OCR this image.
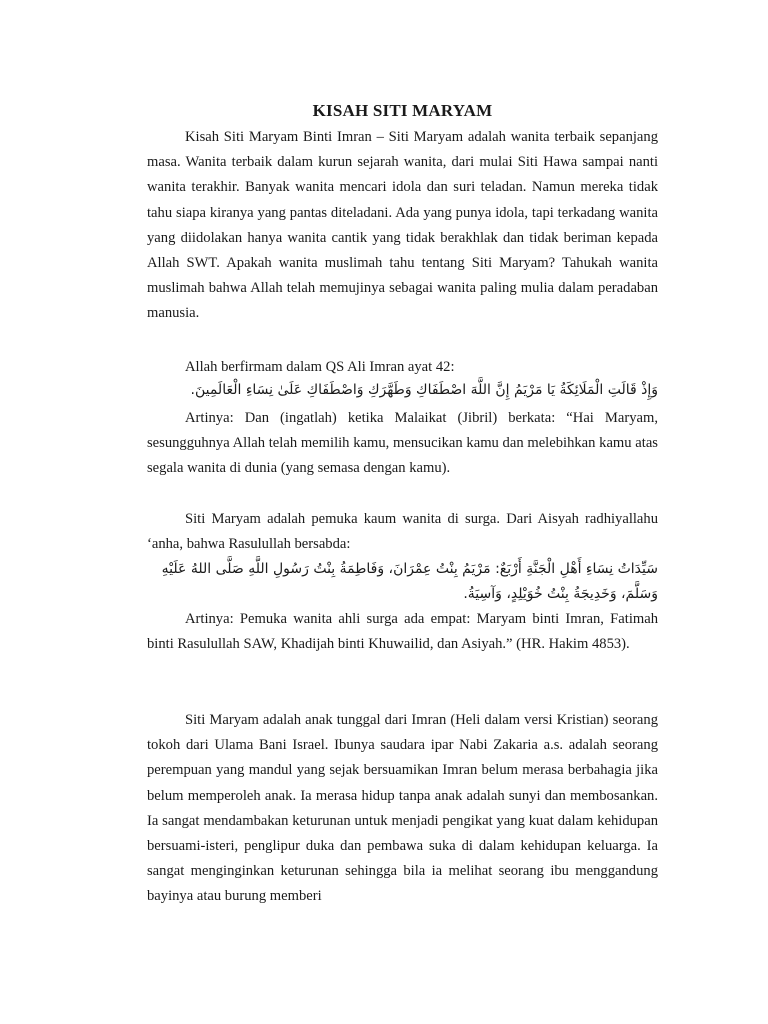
KISAH SITI MARYAM

Kisah Siti Maryam Binti Imran – Siti Maryam adalah wanita terbaik sepanjang masa. Wanita terbaik dalam kurun sejarah wanita, dari mulai Siti Hawa sampai nanti wanita terakhir. Banyak wanita mencari idola dan suri teladan. Namun mereka tidak tahu siapa kiranya yang pantas diteladani. Ada yang punya idola, tapi terkadang wanita yang diidolakan hanya wanita cantik yang tidak berakhlak dan tidak beriman kepada Allah SWT. Apakah wanita muslimah tahu tentang Siti Maryam? Tahukah wanita muslimah bahwa Allah telah memujinya sebagai wanita paling mulia dalam peradaban manusia.

Allah berfirmam dalam QS Ali Imran ayat 42:

وَإِذْ قَالَتِ الْمَلَائِكَةُ يَا مَرْيَمُ إِنَّ اللَّهَ اصْطَفَاكِ وَطَهَّرَكِ وَاصْطَفَاكِ عَلَىٰ نِسَاءِ الْعَالَمِينَ.

Artinya: Dan (ingatlah) ketika Malaikat (Jibril) berkata: “Hai Maryam, sesungguhnya Allah telah memilih kamu, mensucikan kamu dan melebihkan kamu atas segala wanita di dunia (yang semasa dengan kamu).

Siti Maryam adalah pemuka kaum wanita di surga. Dari Aisyah radhiyallahu ‘anha, bahwa Rasulullah bersabda:

سَيِّدَاتُ نِسَاءِ أَهْلِ الْجَنَّةِ أَرْبَعٌ: مَرْيَمُ بِنْتُ عِمْرَانَ، وَفَاطِمَةُ بِنْتُ رَسُولِ اللَّهِ صَلَّى اللهُ عَلَيْهِ وَسَلَّمَ، وَخَدِيجَةُ بِنْتُ خُوَيْلِدٍ، وَآسِيَةُ.

Artinya: Pemuka wanita ahli surga ada empat: Maryam binti Imran, Fatimah binti Rasulullah SAW, Khadijah binti Khuwailid, dan Asiyah.” (HR. Hakim 4853).

Siti Maryam adalah anak tunggal dari Imran (Heli dalam versi Kristian) seorang tokoh dari Ulama Bani Israel. Ibunya saudara ipar Nabi Zakaria a.s. adalah seorang perempuan yang mandul yang sejak bersuamikan Imran belum merasa berbahagia jika belum memperoleh anak. Ia merasa hidup tanpa anak adalah sunyi dan membosankan. Ia sangat mendambakan keturunan untuk menjadi pengikat yang kuat dalam kehidupan bersuami-isteri, penglipur duka dan pembawa suka di dalam kehidupan keluarga. Ia sangat menginginkan keturunan sehingga bila ia melihat seorang ibu menggandung bayinya atau burung memberi
